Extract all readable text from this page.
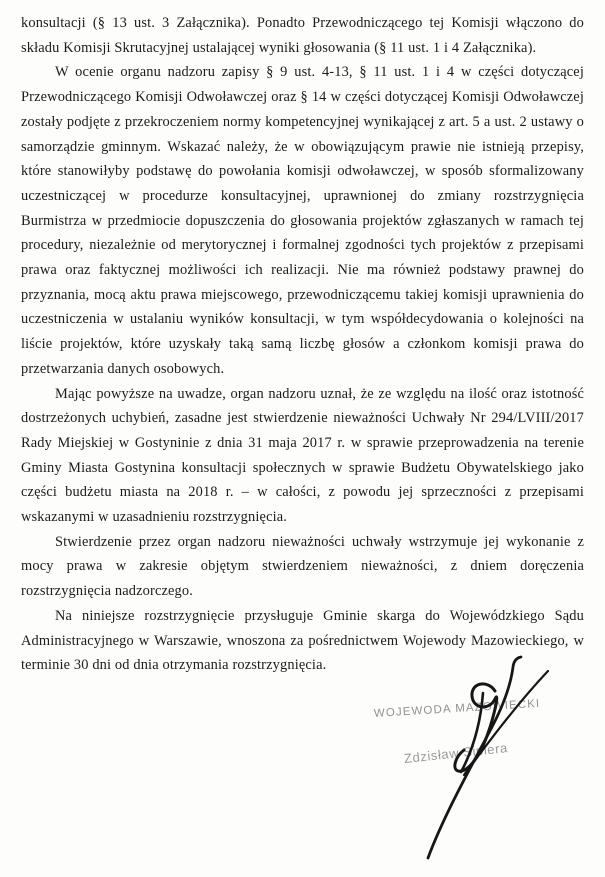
konsultacji (§ 13 ust. 3 Załącznika). Ponadto Przewodniczącego tej Komisji włączono do składu Komisji Skrutacyjnej ustalającej wyniki głosowania (§ 11 ust. 1 i 4 Załącznika).

W ocenie organu nadzoru zapisy § 9 ust. 4-13, § 11 ust. 1 i 4 w części dotyczącej Przewodniczącego Komisji Odwoławczej oraz § 14 w części dotyczącej Komisji Odwoławczej zostały podjęte z przekroczeniem normy kompetencyjnej wynikającej z art. 5 a ust. 2 ustawy o samorządzie gminnym. Wskazać należy, że w obowiązującym prawie nie istnieją przepisy, które stanowiłyby podstawę do powołania komisji odwoławczej, w sposób sformalizowany uczestniczącej w procedurze konsultacyjnej, uprawnionej do zmiany rozstrzygnięcia Burmistrza w przedmiocie dopuszczenia do głosowania projektów zgłaszanych w ramach tej procedury, niezależnie od merytorycznej i formalnej zgodności tych projektów z przepisami prawa oraz faktycznej możliwości ich realizacji. Nie ma również podstawy prawnej do przyznania, mocą aktu prawa miejscowego, przewodniczącemu takiej komisji uprawnienia do uczestniczenia w ustalaniu wyników konsultacji, w tym współdecydowania o kolejności na liście projektów, które uzyskały taką samą liczbę głosów a członkom komisji prawa do przetwarzania danych osobowych.

Mając powyższe na uwadze, organ nadzoru uznał, że ze względu na ilość oraz istotność dostrzeżonych uchybień, zasadne jest stwierdzenie nieważności Uchwały Nr 294/LVIII/2017 Rady Miejskiej w Gostyninie z dnia 31 maja 2017 r. w sprawie przeprowadzenia na terenie Gminy Miasta Gostynina konsultacji społecznych w sprawie Budżetu Obywatelskiego jako części budżetu miasta na 2018 r. – w całości, z powodu jej sprzeczności z przepisami wskazanymi w uzasadnieniu rozstrzygnięcia.

Stwierdzenie przez organ nadzoru nieważności uchwały wstrzymuje jej wykonanie z mocy prawa w zakresie objętym stwierdzeniem nieważności, z dniem doręczenia rozstrzygnięcia nadzorczego.

Na niniejsze rozstrzygnięcie przysługuje Gminie skarga do Wojewódzkiego Sądu Administracyjnego w Warszawie, wnoszona za pośrednictwem Wojewody Mazowieckiego, w terminie 30 dni od dnia otrzymania rozstrzygnięcia.

WOJEWODA MAZOWIECKI
Zdzisław Sipiera
